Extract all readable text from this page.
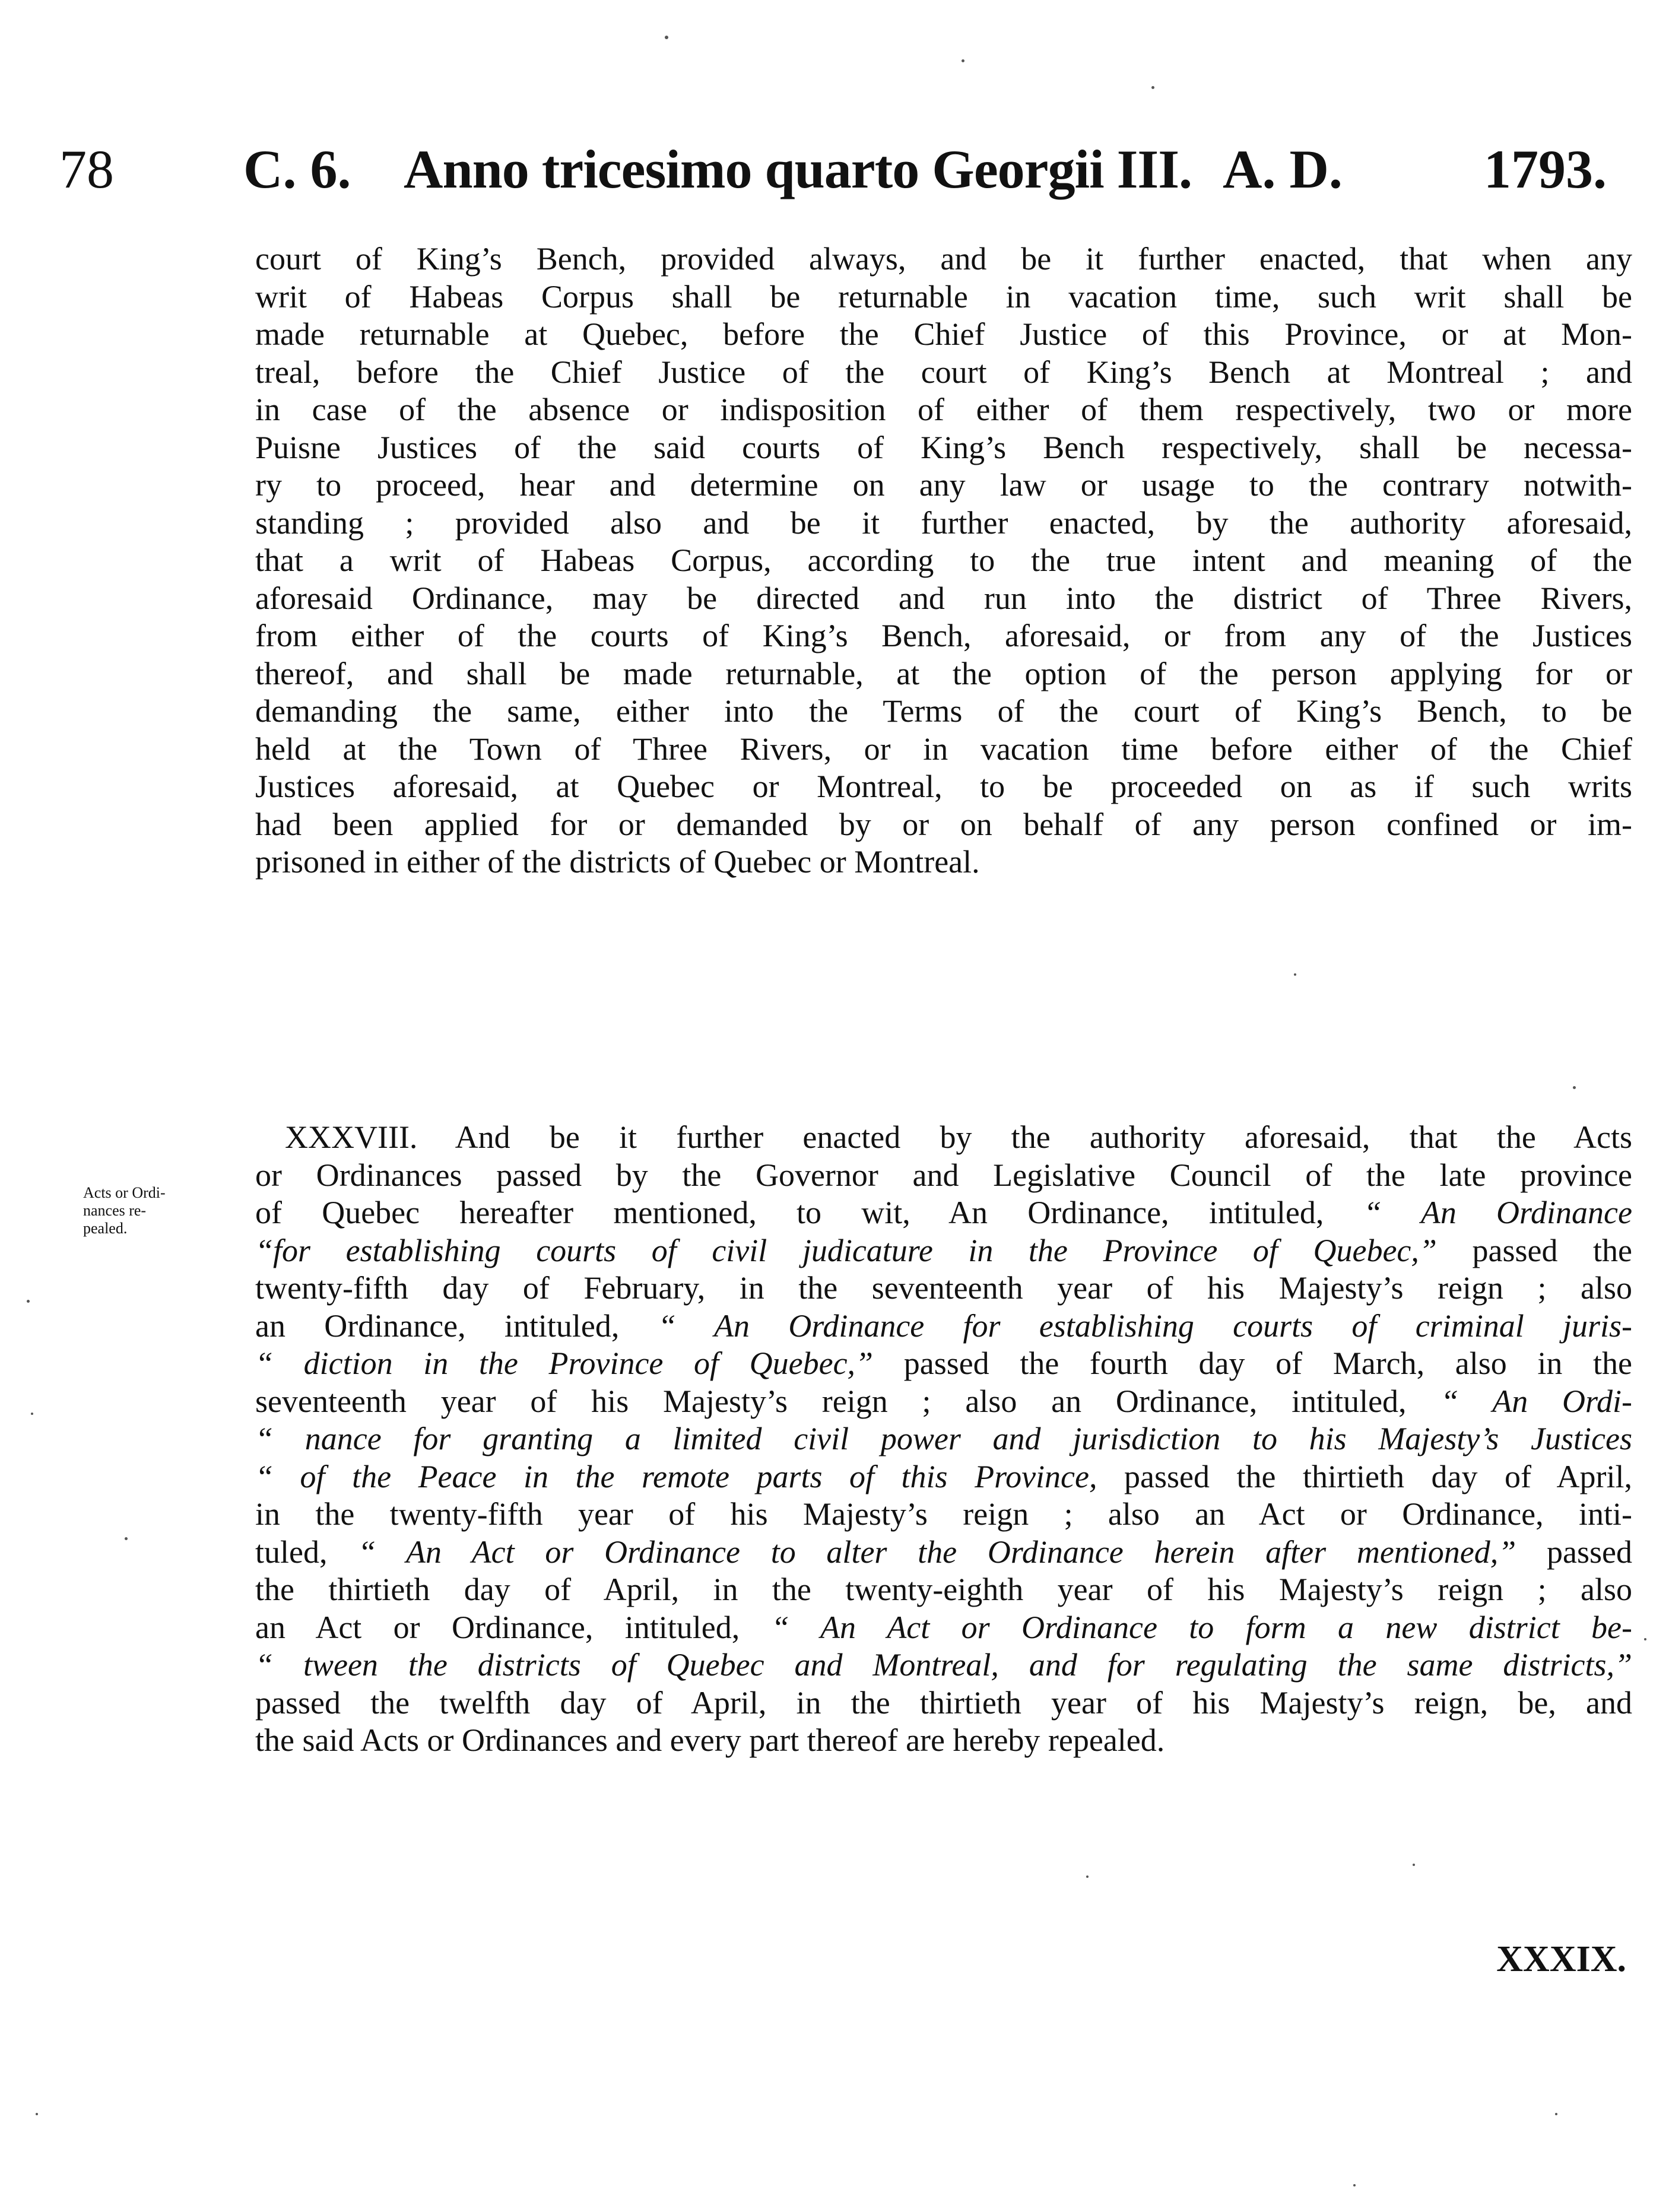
78 C. 6. Anno tricesimo quarto Georgii III. A. D.	1793.
court of King’s Bench, provided always, and be it further enacted, that when any
writ of Habeas Corpus shall be returnable in vacation time, such writ shall be
made returnable at Quebec, before the Chief Justice of this Province, or at Mon-
treal, before the Chief Justice of the court of King’s Bench at Montreal ; and
in case of the absence or indisposition of either of them respectively, two or more
Puisne Justices of the said courts of King’s Bench respectively, shall be necessa-
ry to proceed, hear and determine on any law or usage to the contrary notwith-
standing ; provided also and be it further enacted, by the authority aforesaid,
that a writ of Habeas Corpus, according to the true intent and meaning of the
aforesaid Ordinance, may be directed and run into the district of Three Rivers,
from either of the courts of King’s Bench, aforesaid, or from any of the Justices
thereof, and shall be made returnable, at the option of the person applying for or
demanding the same, either into the Terms of the court of King’s Bench, to be
held at the Town of Three Rivers, or in vacation time before either of the Chief
Justices aforesaid, at Quebec or Montreal, to be proceeded on as if such writs
had been applied for or demanded by or on behalf of any person confined or im-
prisoned in either of the districts of Quebec or Montreal.
Acts or Ordi-
nances re-
pealed.
XXXVIII. And be it further enacted by the authority aforesaid, that the Acts
or Ordinances passed by the Governor and Legislative Council of the late province
of Quebec hereafter mentioned, to wit, An Ordinance, intituled, “ An Ordinance
“for establishing courts of civil judicature in the Province of Quebec,” passed the
twenty-fifth day of February, in the seventeenth year of his Majesty’s reign ; also
an Ordinance, intituled, “ An Ordinance for establishing courts of criminal juris-
“ diction in the Province of Quebec,” passed the fourth day of March, also in the
seventeenth year of his Majesty’s reign ; also an Ordinance, intituled, “ An Ordi-
“ nance for granting a limited civil power and jurisdiction to his Majesty’s Justices
“ of the Peace in the remote parts of this Province, passed the thirtieth day of April,
in the twenty-fifth year of his Majesty’s reign ; also an Act or Ordinance, inti-
tuled, “ An Act or Ordinance to alter the Ordinance herein after mentioned,” passed
the thirtieth day of April, in the twenty-eighth year of his Majesty’s reign ; also
an Act or Ordinance, intituled, “ An Act or Ordinance to form a new district be-
“ tween the districts of Quebec and Montreal, and for regulating the same districts,”
passed the twelfth day of April, in the thirtieth year of his Majesty’s reign, be, and
the said Acts or Ordinances and every part thereof are hereby repealed.
XXXIX.
